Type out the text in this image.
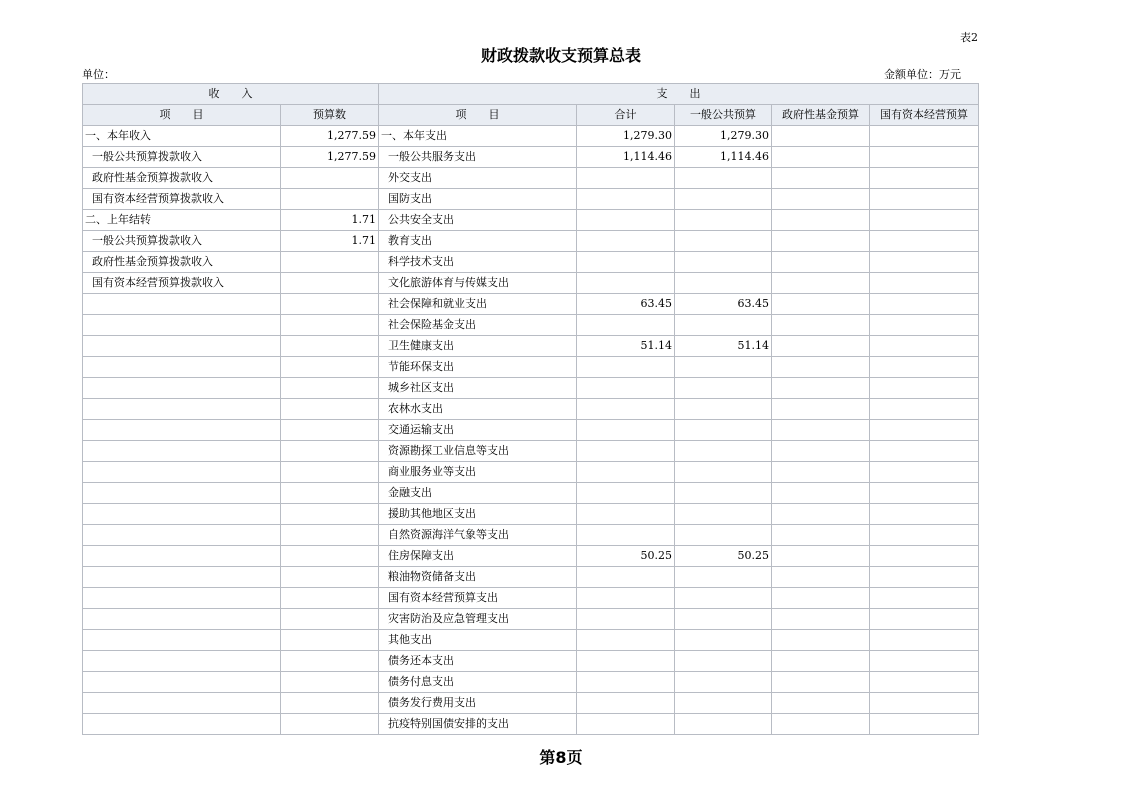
表2
财政拨款收支预算总表
单位：	金额单位：万元
收　　入		支　　出				
项　　目	预算数	项　　目	合计	一般公共预算	政府性基金预算	国有资本经营预算
一、本年收入	1,277.59	一、本年支出	1,279.30	1,279.30		
一般公共预算拨款收入	1,277.59	一般公共服务支出	1,114.46	1,114.46		
政府性基金预算拨款收入		外交支出				
国有资本经营预算拨款收入		国防支出				
二、上年结转	1.71	公共安全支出				
一般公共预算拨款收入	1.71	教育支出				
政府性基金预算拨款收入		科学技术支出				
国有资本经营预算拨款收入		文化旅游体育与传媒支出				
		社会保障和就业支出	63.45	63.45		
		社会保险基金支出				
		卫生健康支出	51.14	51.14		
		节能环保支出				
		城乡社区支出				
		农林水支出				
		交通运输支出				
		资源勘探工业信息等支出				
		商业服务业等支出				
		金融支出				
		援助其他地区支出				
		自然资源海洋气象等支出				
		住房保障支出	50.25	50.25		
		粮油物资储备支出				
		国有资本经营预算支出				
		灾害防治及应急管理支出				
		其他支出				
		债务还本支出				
		债务付息支出				
		债务发行费用支出				
		抗疫特别国债安排的支出				
第8页
